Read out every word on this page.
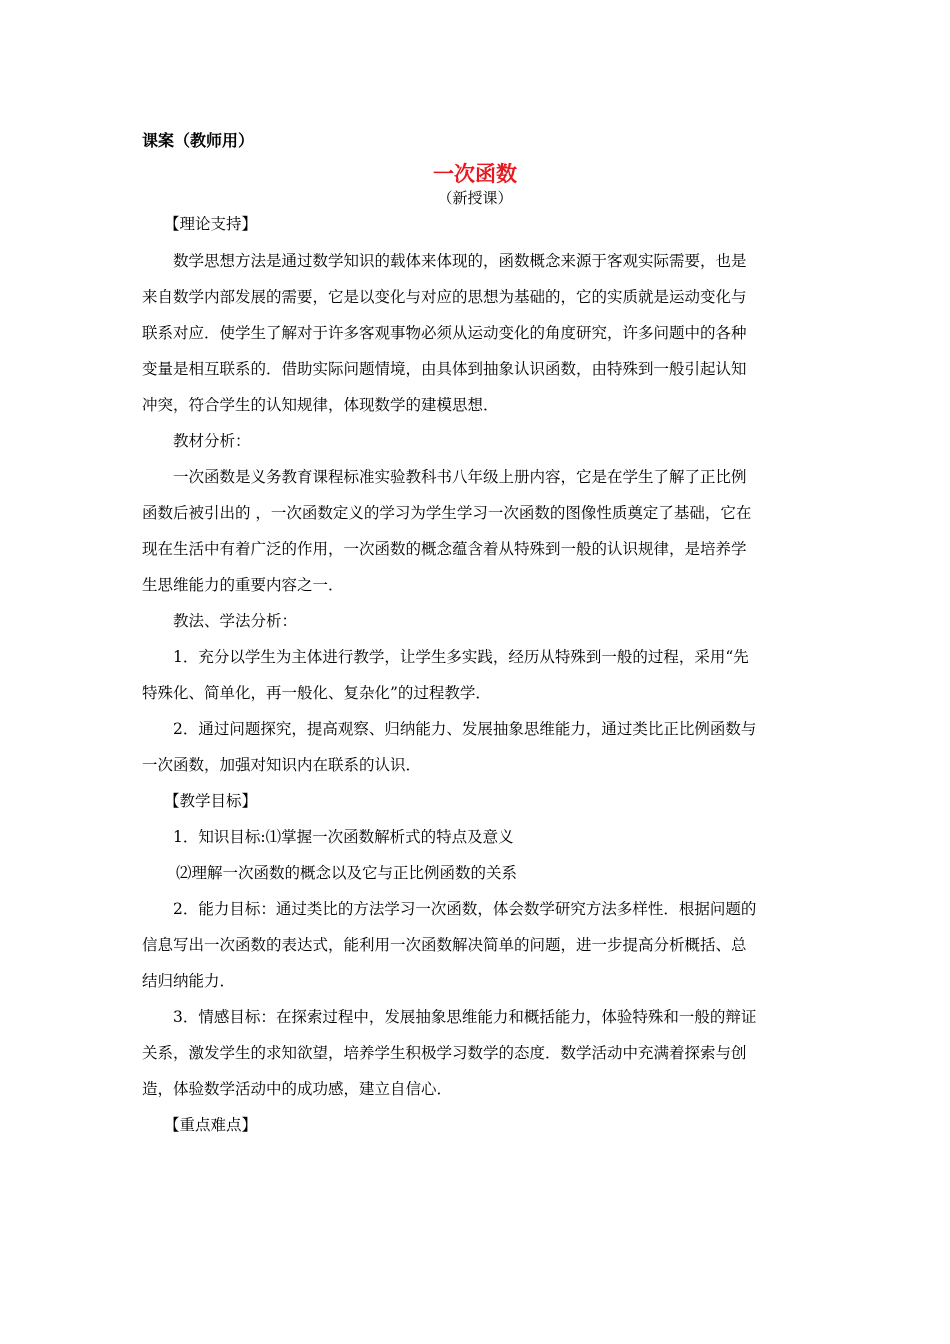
课案（教师用）
一次函数
（新授课）
【理论支持】
数学思想方法是通过数学知识的载体来体现的，函数概念来源于客观实际需要，也是
来自数学内部发展的需要，它是以变化与对应的思想为基础的，它的实质就是运动变化与
联系对应．使学生了解对于许多客观事物必须从运动变化的角度研究，许多问题中的各种
变量是相互联系的．借助实际问题情境，由具体到抽象认识函数，由特殊到一般引起认知
冲突，符合学生的认知规律，体现数学的建模思想．
教材分析：
一次函数是义务教育课程标准实验教科书八年级上册内容，它是在学生了解了正比例
函数后被引出的 ，一次函数定义的学习为学生学习一次函数的图像性质奠定了基础，它在
现在生活中有着广泛的作用，一次函数的概念蕴含着从特殊到一般的认识规律，是培养学
生思维能力的重要内容之一．
教法、学法分析：
1．充分以学生为主体进行教学，让学生多实践，经历从特殊到一般的过程，采用“先
特殊化、简单化，再一般化、复杂化”的过程教学．
2．通过问题探究，提高观察、归纳能力、发展抽象思维能力，通过类比正比例函数与
一次函数，加强对知识内在联系的认识．
【教学目标】
1．知识目标:⑴掌握一次函数解析式的特点及意义
⑵理解一次函数的概念以及它与正比例函数的关系
2．能力目标：通过类比的方法学习一次函数，体会数学研究方法多样性．根据问题的
信息写出一次函数的表达式，能利用一次函数解决简单的问题，进一步提高分析概括、总
结归纳能力．
3．情感目标：在探索过程中，发展抽象思维能力和概括能力，体验特殊和一般的辩证
关系，激发学生的求知欲望，培养学生积极学习数学的态度．数学活动中充满着探索与创
造，体验数学活动中的成功感，建立自信心．
【重点难点】
